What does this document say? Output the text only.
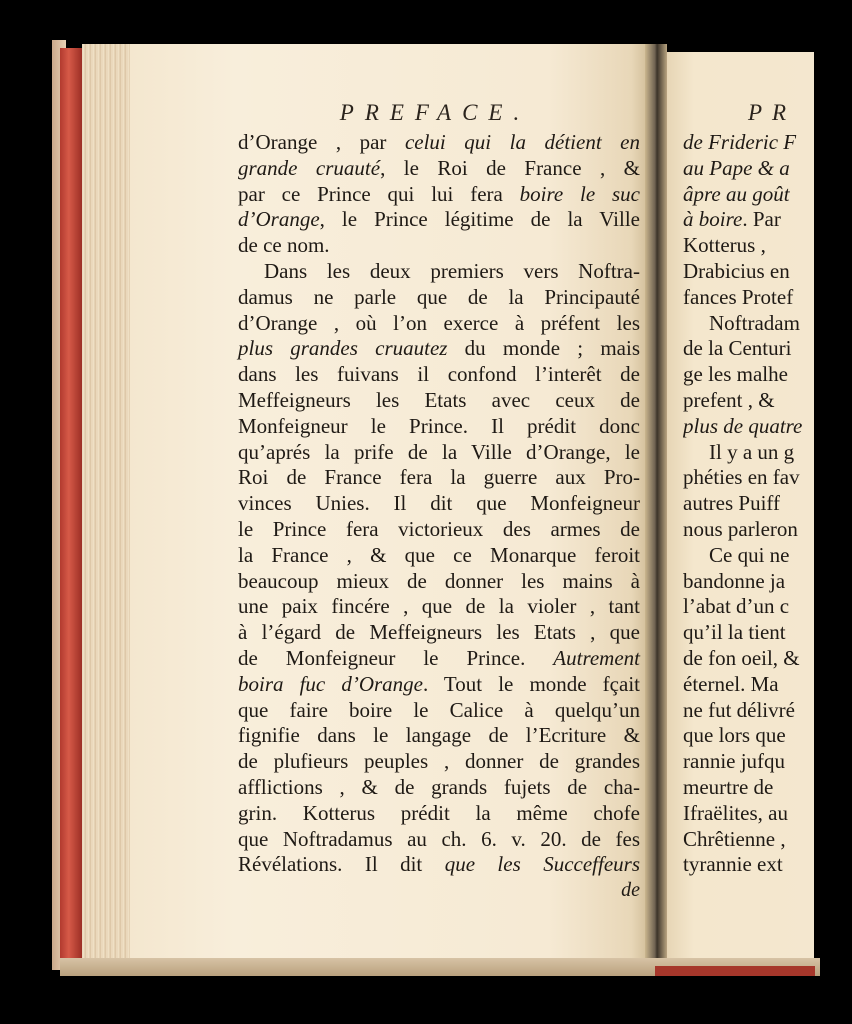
PREFACE.
d’Orange , par celui qui la détient en
grande cruauté, le Roi de France , &
par ce Prince qui lui fera boire le suc
d’Orange, le Prince légitime de la Ville
de ce nom.
Dans les deux premiers vers Noftra-
damus ne parle que de la Principauté
d’Orange , où l’on exerce à préfent les
plus grandes cruautez du monde ; mais
dans les fuivans il confond l’interêt de
Meffeigneurs les Etats avec ceux de
Monfeigneur le Prince. Il prédit donc
qu’aprés la prife de la Ville d’Orange, le
Roi de France fera la guerre aux Pro-
vinces Unies. Il dit que Monfeigneur
le Prince fera victorieux des armes de
la France , & que ce Monarque feroit
beaucoup mieux de donner les mains à
une paix fincére , que de la violer , tant
à l’égard de Meffeigneurs les Etats , que
de Monfeigneur le Prince. Autrement
boira fuc d’Orange. Tout le monde fçait
que faire boire le Calice à quelqu’un
fignifie dans le langage de l’Ecriture &
de plufieurs peuples , donner de grandes
afflictions , & de grands fujets de cha-
grin. Kotterus prédit la même chofe
que Noftradamus au ch. 6. v. 20. de fes
Révélations. Il dit que les Succeffeurs
de
PR
de Frideric F
au Pape & a
âpre au goût
à boire. Par
Kotterus ,
Drabicius en
fances Protef
Noftradam
de la Centuri
ge les malhe
prefent , &
plus de quatre
Il y a un g
phéties en fav
autres Puiff
nous parleron
Ce qui ne
bandonne ja
l’abat d’un c
qu’il la tient
de fon oeil, &
éternel. Ma
ne fut délivré
que lors que
rannie jufqu
meurtre de
Ifraëlites, au
Chrêtienne ,
tyrannie ext
